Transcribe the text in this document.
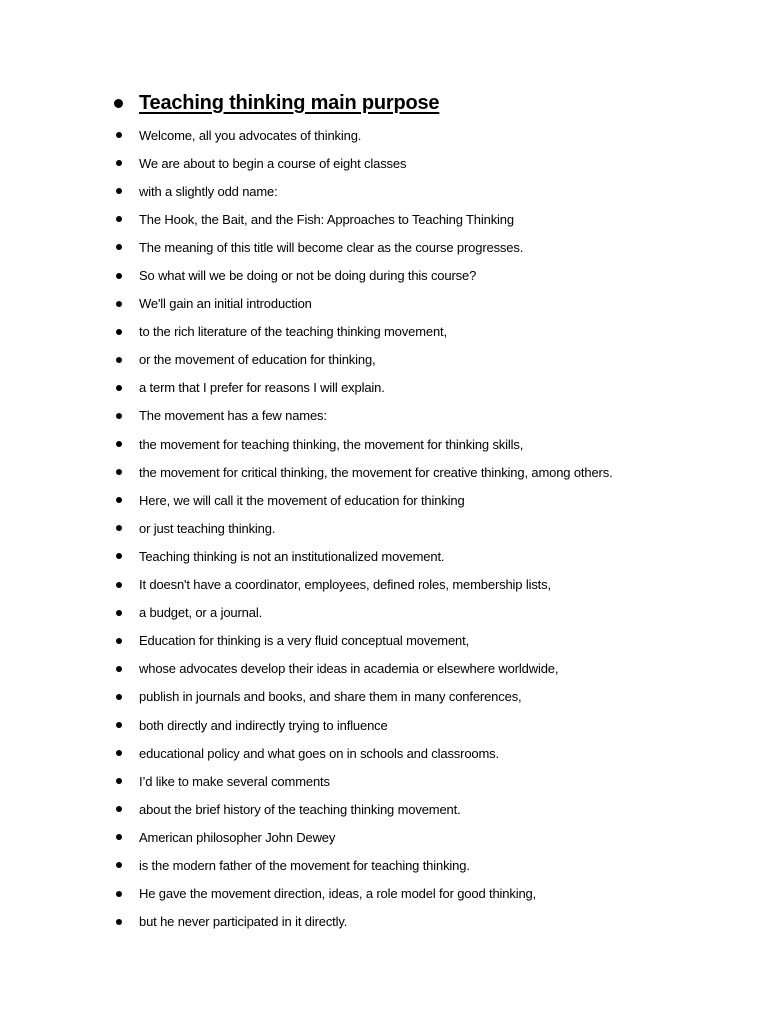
Teaching thinking main purpose
Welcome, all you advocates of thinking.
We are about to begin a course of eight classes
with a slightly odd name:
The Hook, the Bait, and the Fish: Approaches to Teaching Thinking
The meaning of this title will become clear as the course progresses.
So what will we be doing or not be doing during this course?
We'll gain an initial introduction
to the rich literature of the teaching thinking movement,
or the movement of education for thinking,
a term that I prefer for reasons I will explain.
The movement has a few names:
the movement for teaching thinking, the movement for thinking skills,
the movement for critical thinking, the movement for creative thinking, among others.
Here, we will call it the movement of education for thinking
or just teaching thinking.
Teaching thinking is not an institutionalized movement.
It doesn't have a coordinator, employees, defined roles, membership lists,
a budget, or a journal.
Education for thinking is a very fluid conceptual movement,
whose advocates develop their ideas in academia or elsewhere worldwide,
publish in journals and books, and share them in many conferences,
both directly and indirectly trying to influence
educational policy and what goes on in schools and classrooms.
I’d like to make several comments
about the brief history of the teaching thinking movement.
American philosopher John Dewey
is the modern father of the movement for teaching thinking.
He gave the movement direction, ideas, a role model for good thinking,
but he never participated in it directly.
